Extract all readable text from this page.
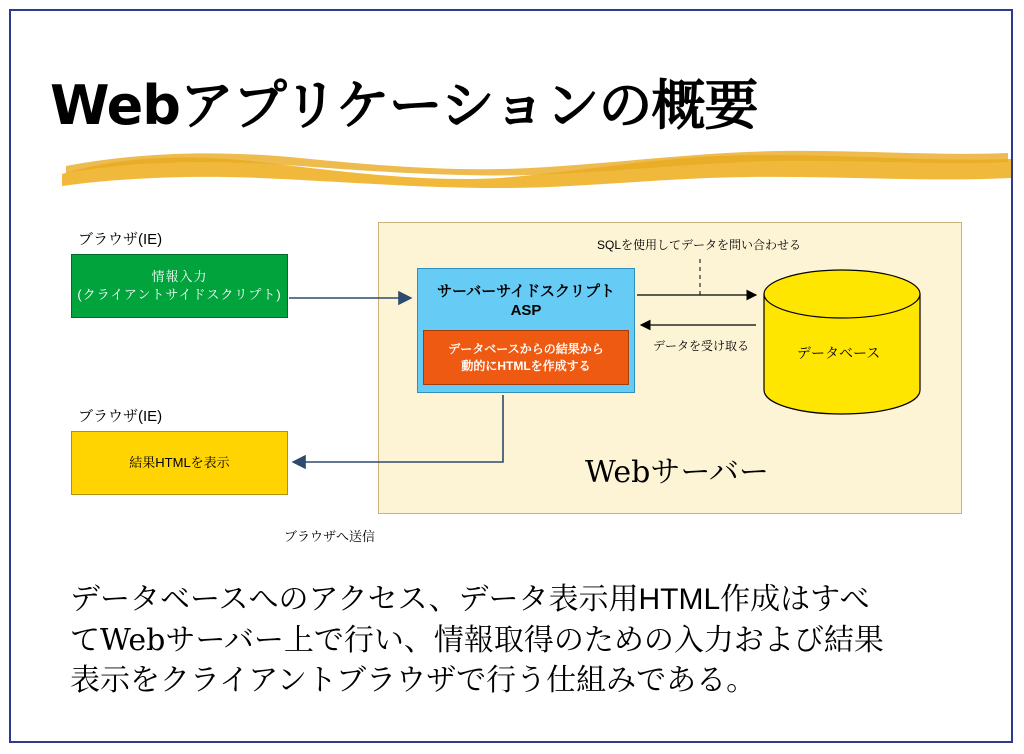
Webアプリケーションの概要
Webサーバー
ブラウザ(IE)
ブラウザ(IE)
情報入力
(クライアントサイドスクリプト)
結果HTMLを表示
サーバーサイドスクリプト
ASP
データベースからの結果から
動的にHTMLを作成する
データベース
SQLを使用してデータを問い合わせる
データを受け取る
ブラウザへ送信
データベースへのアクセス、データ表示用HTML作成はすべ
てWebサーバー上で行い、情報取得のための入力および結果
表示をクライアントブラウザで行う仕組みである。
